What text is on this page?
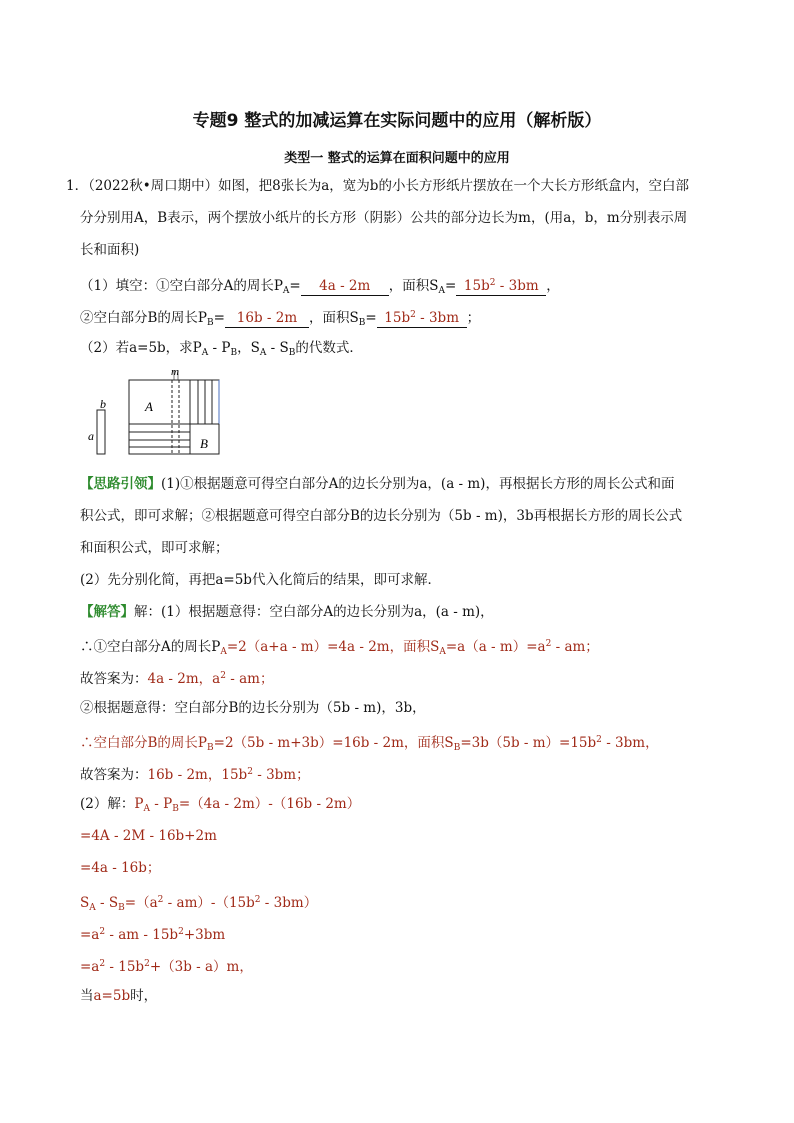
专题9 整式的加减运算在实际问题中的应用（解析版）
类型一 整式的运算在面积问题中的应用
1．（2022秋•周口期中）如图，把8张长为a，宽为b的小长方形纸片摆放在一个大长方形纸盒内，空白部
分分别用A，B表示，两个摆放小纸片的长方形（阴影）公共的部分边长为m，(用a，b，m分别表示周
长和面积)
（1）填空：①空白部分A的周长$P_A= 4a - 2m$ ，面积$S_A= 15b^2 - 3bm$ ，
②空白部分B的周长$P_B= 16b - 2m$ ，面积$S_B= 15b^2 - 3bm$ ；
（2）若a=5b，求$P_A - P_B$，$S_A - S_B$的代数式．
b
a
m
A
B
【思路引领】(1)①根据题意可得空白部分A的边长分别为a，(a - m)，再根据长方形的周长公式和面
积公式，即可求解；②根据题意可得空白部分B的边长分别为（5b - m)，3b再根据长方形的周长公式
和面积公式，即可求解；
(2）先分别化简，再把a=5b代入化简后的结果，即可求解．
【解答】解：(1）根据题意得：空白部分A的边长分别为a，(a - m)，
∴①空白部分A的周长$P_A=2(a+a - m)=4a - 2m$，面积$S_A=a(a - m)=a^2$ - am；
故答案为：4a - 2m，$a^2$ - am；
②根据题意得：空白部分B的边长分别为（5b - m)，3b，
∴空白部分B的周长$P_B=2(5b - m+3b)=16b - 2m$，面积$S_B=3b(5b - m)=15b^2 - 3bm$，
故答案为：16b - 2m，$15b^2 - 3bm$；
(2）解：$P_A - P_B=(4a - 2m)-(16b - 2m)$
=4A - 2M - 16b+2m
=4a - 16b；
$S_A - S_B=(a^2 - am)-(15b^2 - 3bm)$
$=a^2$ - am - $15b^2+3bm$
$=a^2 - 15b^2+(3b - a)m$，
当a=5b时，
